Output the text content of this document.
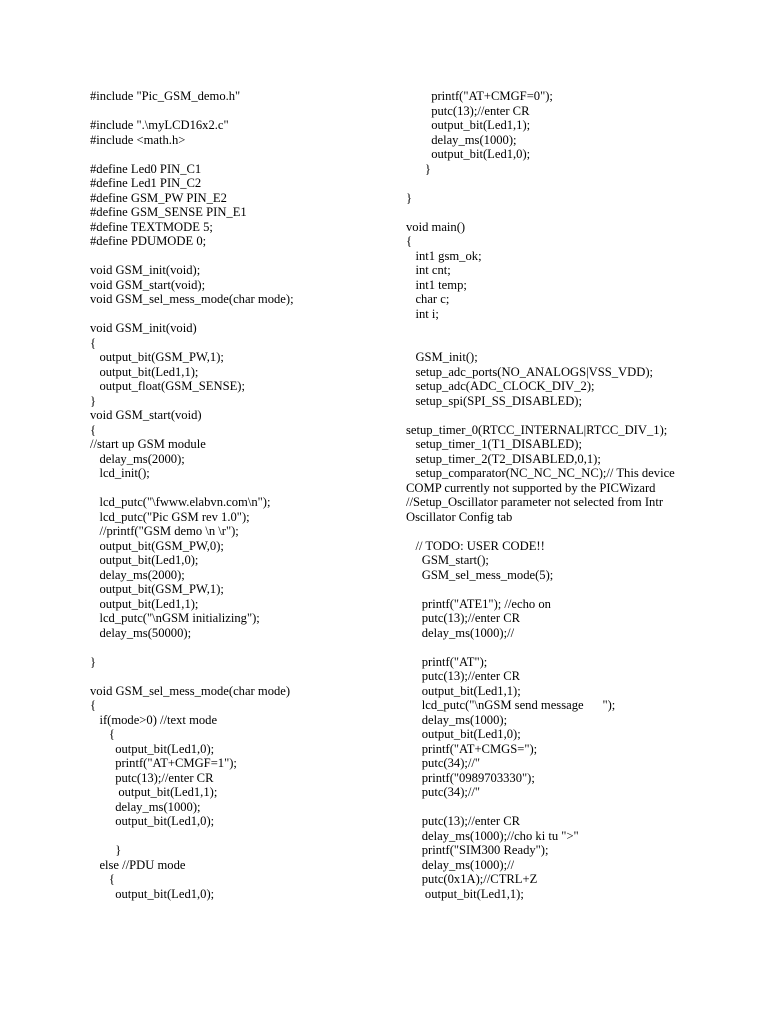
#include "Pic_GSM_demo.h"
#include ".\myLCD16x2.c"
#include <math.h>
#define Led0 PIN_C1
#define Led1 PIN_C2
#define GSM_PW PIN_E2
#define GSM_SENSE PIN_E1
#define TEXTMODE 5;
#define PDUMODE 0;
void GSM_init(void);
void GSM_start(void);
void GSM_sel_mess_mode(char mode);
void GSM_init(void)
{
output_bit(GSM_PW,1);
output_bit(Led1,1);
output_float(GSM_SENSE);
}
void GSM_start(void)
{
//start up GSM module
delay_ms(2000);
lcd_init();
lcd_putc("\fwww.elabvn.com\n");
lcd_putc("Pic GSM rev 1.0");
//printf("GSM demo \n \r");
output_bit(GSM_PW,0);
output_bit(Led1,0);
delay_ms(2000);
output_bit(GSM_PW,1);
output_bit(Led1,1);
lcd_putc("\nGSM initializing");
delay_ms(50000);
}
void GSM_sel_mess_mode(char mode)
{
if(mode>0) //text mode
{
output_bit(Led1,0);
printf("AT+CMGF=1");
putc(13);//enter CR
output_bit(Led1,1);
delay_ms(1000);
output_bit(Led1,0);
}
else //PDU mode
{
output_bit(Led1,0);
printf("AT+CMGF=0");
putc(13);//enter CR
output_bit(Led1,1);
delay_ms(1000);
output_bit(Led1,0);
}
}
void main()
{
int1 gsm_ok;
int cnt;
int1 temp;
char c;
int i;
GSM_init();
setup_adc_ports(NO_ANALOGS|VSS_VDD);
setup_adc(ADC_CLOCK_DIV_2);
setup_spi(SPI_SS_DISABLED);
setup_timer_0(RTCC_INTERNAL|RTCC_DIV_1);
setup_timer_1(T1_DISABLED);
setup_timer_2(T2_DISABLED,0,1);
setup_comparator(NC_NC_NC_NC);// This device
COMP currently not supported by the PICWizard
//Setup_Oscillator parameter not selected from Intr
Oscillator Config tab
// TODO: USER CODE!!
GSM_start();
GSM_sel_mess_mode(5);
printf("ATE1"); //echo on
putc(13);//enter CR
delay_ms(1000);//
printf("AT");
putc(13);//enter CR
output_bit(Led1,1);
lcd_putc("\nGSM send message      ");
delay_ms(1000);
output_bit(Led1,0);
printf("AT+CMGS=");
putc(34);//"
printf("0989703330");
putc(34);//"
putc(13);//enter CR
delay_ms(1000);//cho ki tu ">"
printf("SIM300 Ready");
delay_ms(1000);//
putc(0x1A);//CTRL+Z
output_bit(Led1,1);
